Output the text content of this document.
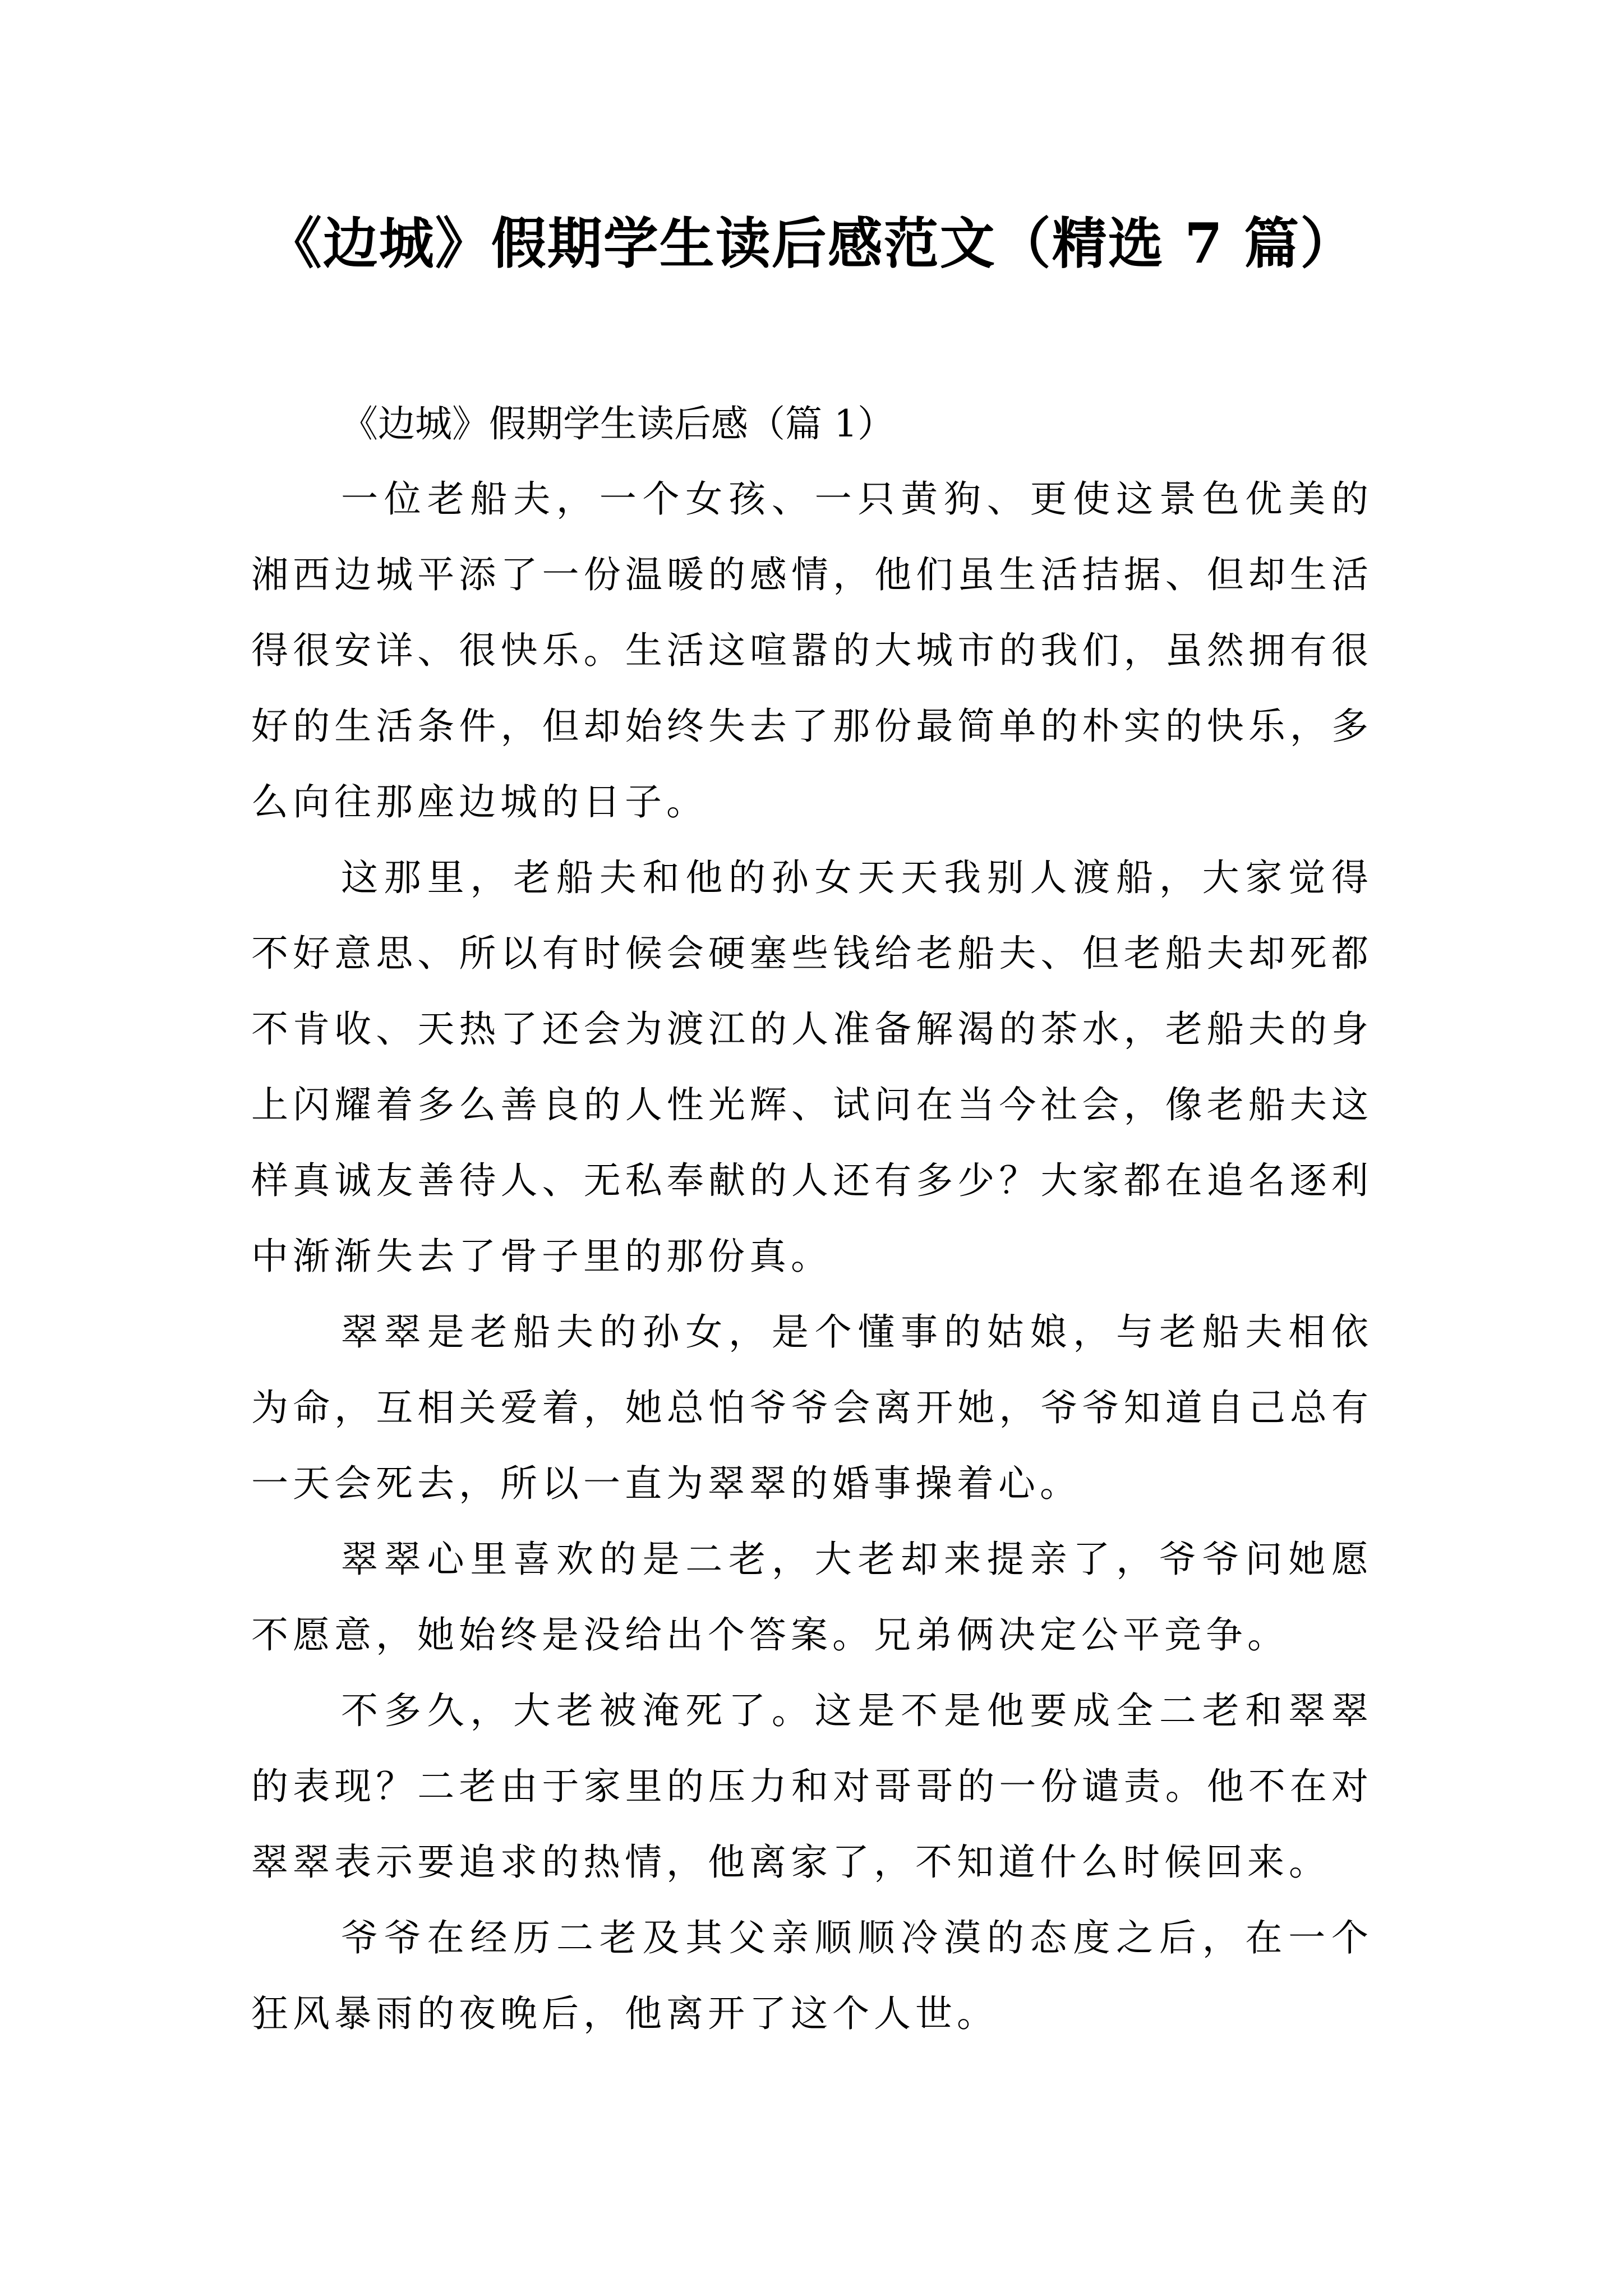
《边城》假期学生读后感范文（精选 7 篇）

《边城》假期学生读后感（篇 1）

一位老船夫，一个女孩、一只黄狗、更使这景色优美的湘西边城平添了一份温暖的感情，他们虽生活拮据、但却生活得很安详、很快乐。生活这喧嚣的大城市的我们，虽然拥有很好的生活条件，但却始终失去了那份最简单的朴实的快乐，多么向往那座边城的日子。

这那里，老船夫和他的孙女天天我别人渡船，大家觉得不好意思、所以有时候会硬塞些钱给老船夫、但老船夫却死都不肯收、天热了还会为渡江的人准备解渴的茶水，老船夫的身上闪耀着多么善良的人性光辉、试问在当今社会，像老船夫这样真诚友善待人、无私奉献的人还有多少？大家都在追名逐利中渐渐失去了骨子里的那份真。

翠翠是老船夫的孙女，是个懂事的姑娘，与老船夫相依为命，互相关爱着，她总怕爷爷会离开她，爷爷知道自己总有一天会死去，所以一直为翠翠的婚事操着心。

翠翠心里喜欢的是二老，大老却来提亲了，爷爷问她愿不愿意，她始终是没给出个答案。兄弟俩决定公平竞争。

不多久，大老被淹死了。这是不是他要成全二老和翠翠的表现？二老由于家里的压力和对哥哥的一份谴责。他不在对翠翠表示要追求的热情，他离家了，不知道什么时候回来。

爷爷在经历二老及其父亲顺顺冷漠的态度之后，在一个狂风暴雨的夜晚后，他离开了这个人世。
